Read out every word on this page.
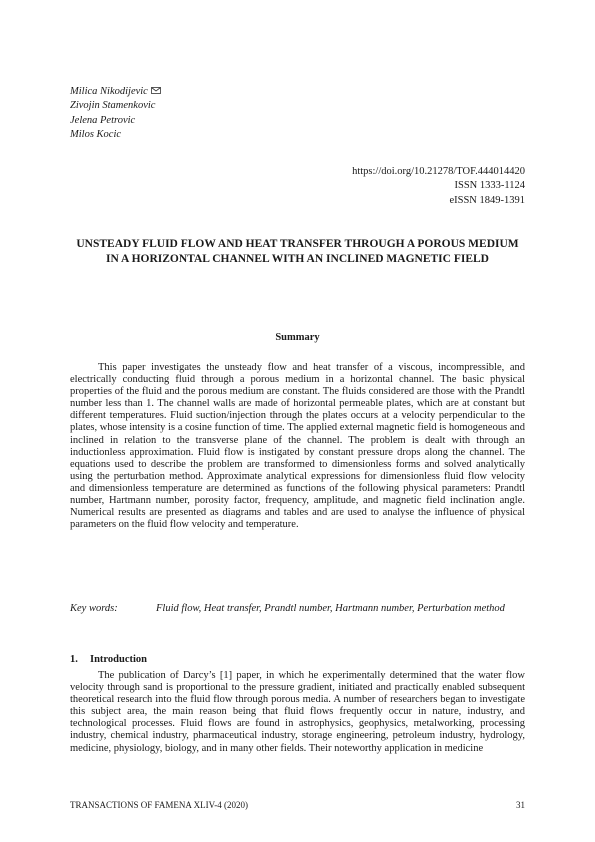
Milica Nikodijevic
Zivojin Stamenkovic
Jelena Petrovic
Milos Kocic
https://doi.org/10.21278/TOF.444014420
ISSN 1333-1124
eISSN 1849-1391
UNSTEADY FLUID FLOW AND HEAT TRANSFER THROUGH A POROUS MEDIUM IN A HORIZONTAL CHANNEL WITH AN INCLINED MAGNETIC FIELD
Summary

This paper investigates the unsteady flow and heat transfer of a viscous, incompressible, and electrically conducting fluid through a porous medium in a horizontal channel. The basic physical properties of the fluid and the porous medium are constant. The fluids considered are those with the Prandtl number less than 1. The channel walls are made of horizontal permeable plates, which are at constant but different temperatures. Fluid suction/injection through the plates occurs at a velocity perpendicular to the plates, whose intensity is a cosine function of time. The applied external magnetic field is homogeneous and inclined in relation to the transverse plane of the channel. The problem is dealt with through an inductionless approximation. Fluid flow is instigated by constant pressure drops along the channel. The equations used to describe the problem are transformed to dimensionless forms and solved analytically using the perturbation method. Approximate analytical expressions for dimensionless fluid flow velocity and dimensionless temperature are determined as functions of the following physical parameters: Prandtl number, Hartmann number, porosity factor, frequency, amplitude, and magnetic field inclination angle. Numerical results are presented as diagrams and tables and are used to analyse the influence of physical parameters on the fluid flow velocity and temperature.

Key words:	Fluid flow, Heat transfer, Prandtl number, Hartmann number, Perturbation method
1. Introduction

The publication of Darcy’s [1] paper, in which he experimentally determined that the water flow velocity through sand is proportional to the pressure gradient, initiated and practically enabled subsequent theoretical research into the fluid flow through porous media. A number of researchers began to investigate this subject area, the main reason being that fluid flows frequently occur in nature, industry, and technological processes. Fluid flows are found in astrophysics, geophysics, metalworking, processing industry, chemical industry, pharmaceutical industry, storage engineering, petroleum industry, hydrology, medicine, physiology, biology, and in many other fields. Their noteworthy application in medicine

TRANSACTIONS OF FAMENA XLIV-4 (2020)	31
